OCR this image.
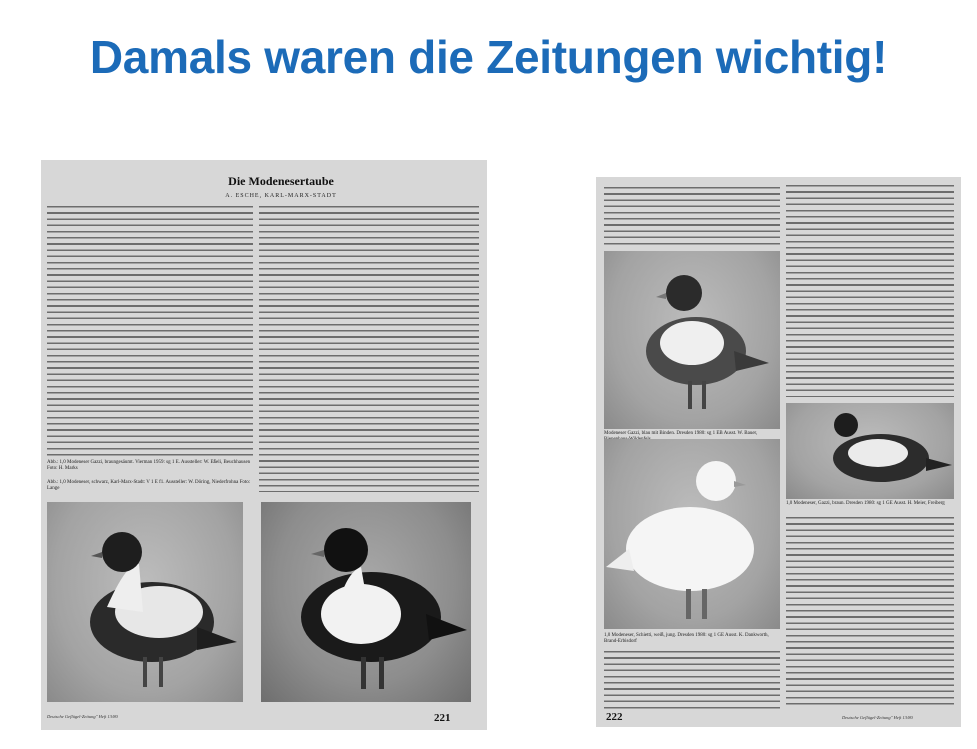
Damals waren die Zeitungen wichtig!
Die Modenesertaube
A. ESCHE, KARL-MARX-STADT
Abb.: 1,0 Modeneser Gazzi, braungesäumt. Vierman 1959: sg 1 E. Aussteller: W. Eßeli, Beuchhausen Foto: H. Marks
Abb.: 1,0 Modeneser, schwarz, Karl-Marx-Stadt: V 1 E f1. Aussteller: W. Döring, Niederfrohna Foto: Lange
Deutsche Geflügel-Zeitung" Heft 13/80	221
Modeneser Gazzi, blau mit Binden. Dresden 1980: sg 1 EB Ausst. W. Bauer,
1,0 Modeneser, Gazzi, braun. Dresden 1980: sg 1 GE Ausst. H. Meier, Freiberg
1,0 Modeneser, Schietti, weiß, jung. Dresden 1980: sg 1 GE Ausst. K. Dankworth, Brand-Erbisdorf
222	Deutsche Geflügel-Zeitung" Heft 13/80
